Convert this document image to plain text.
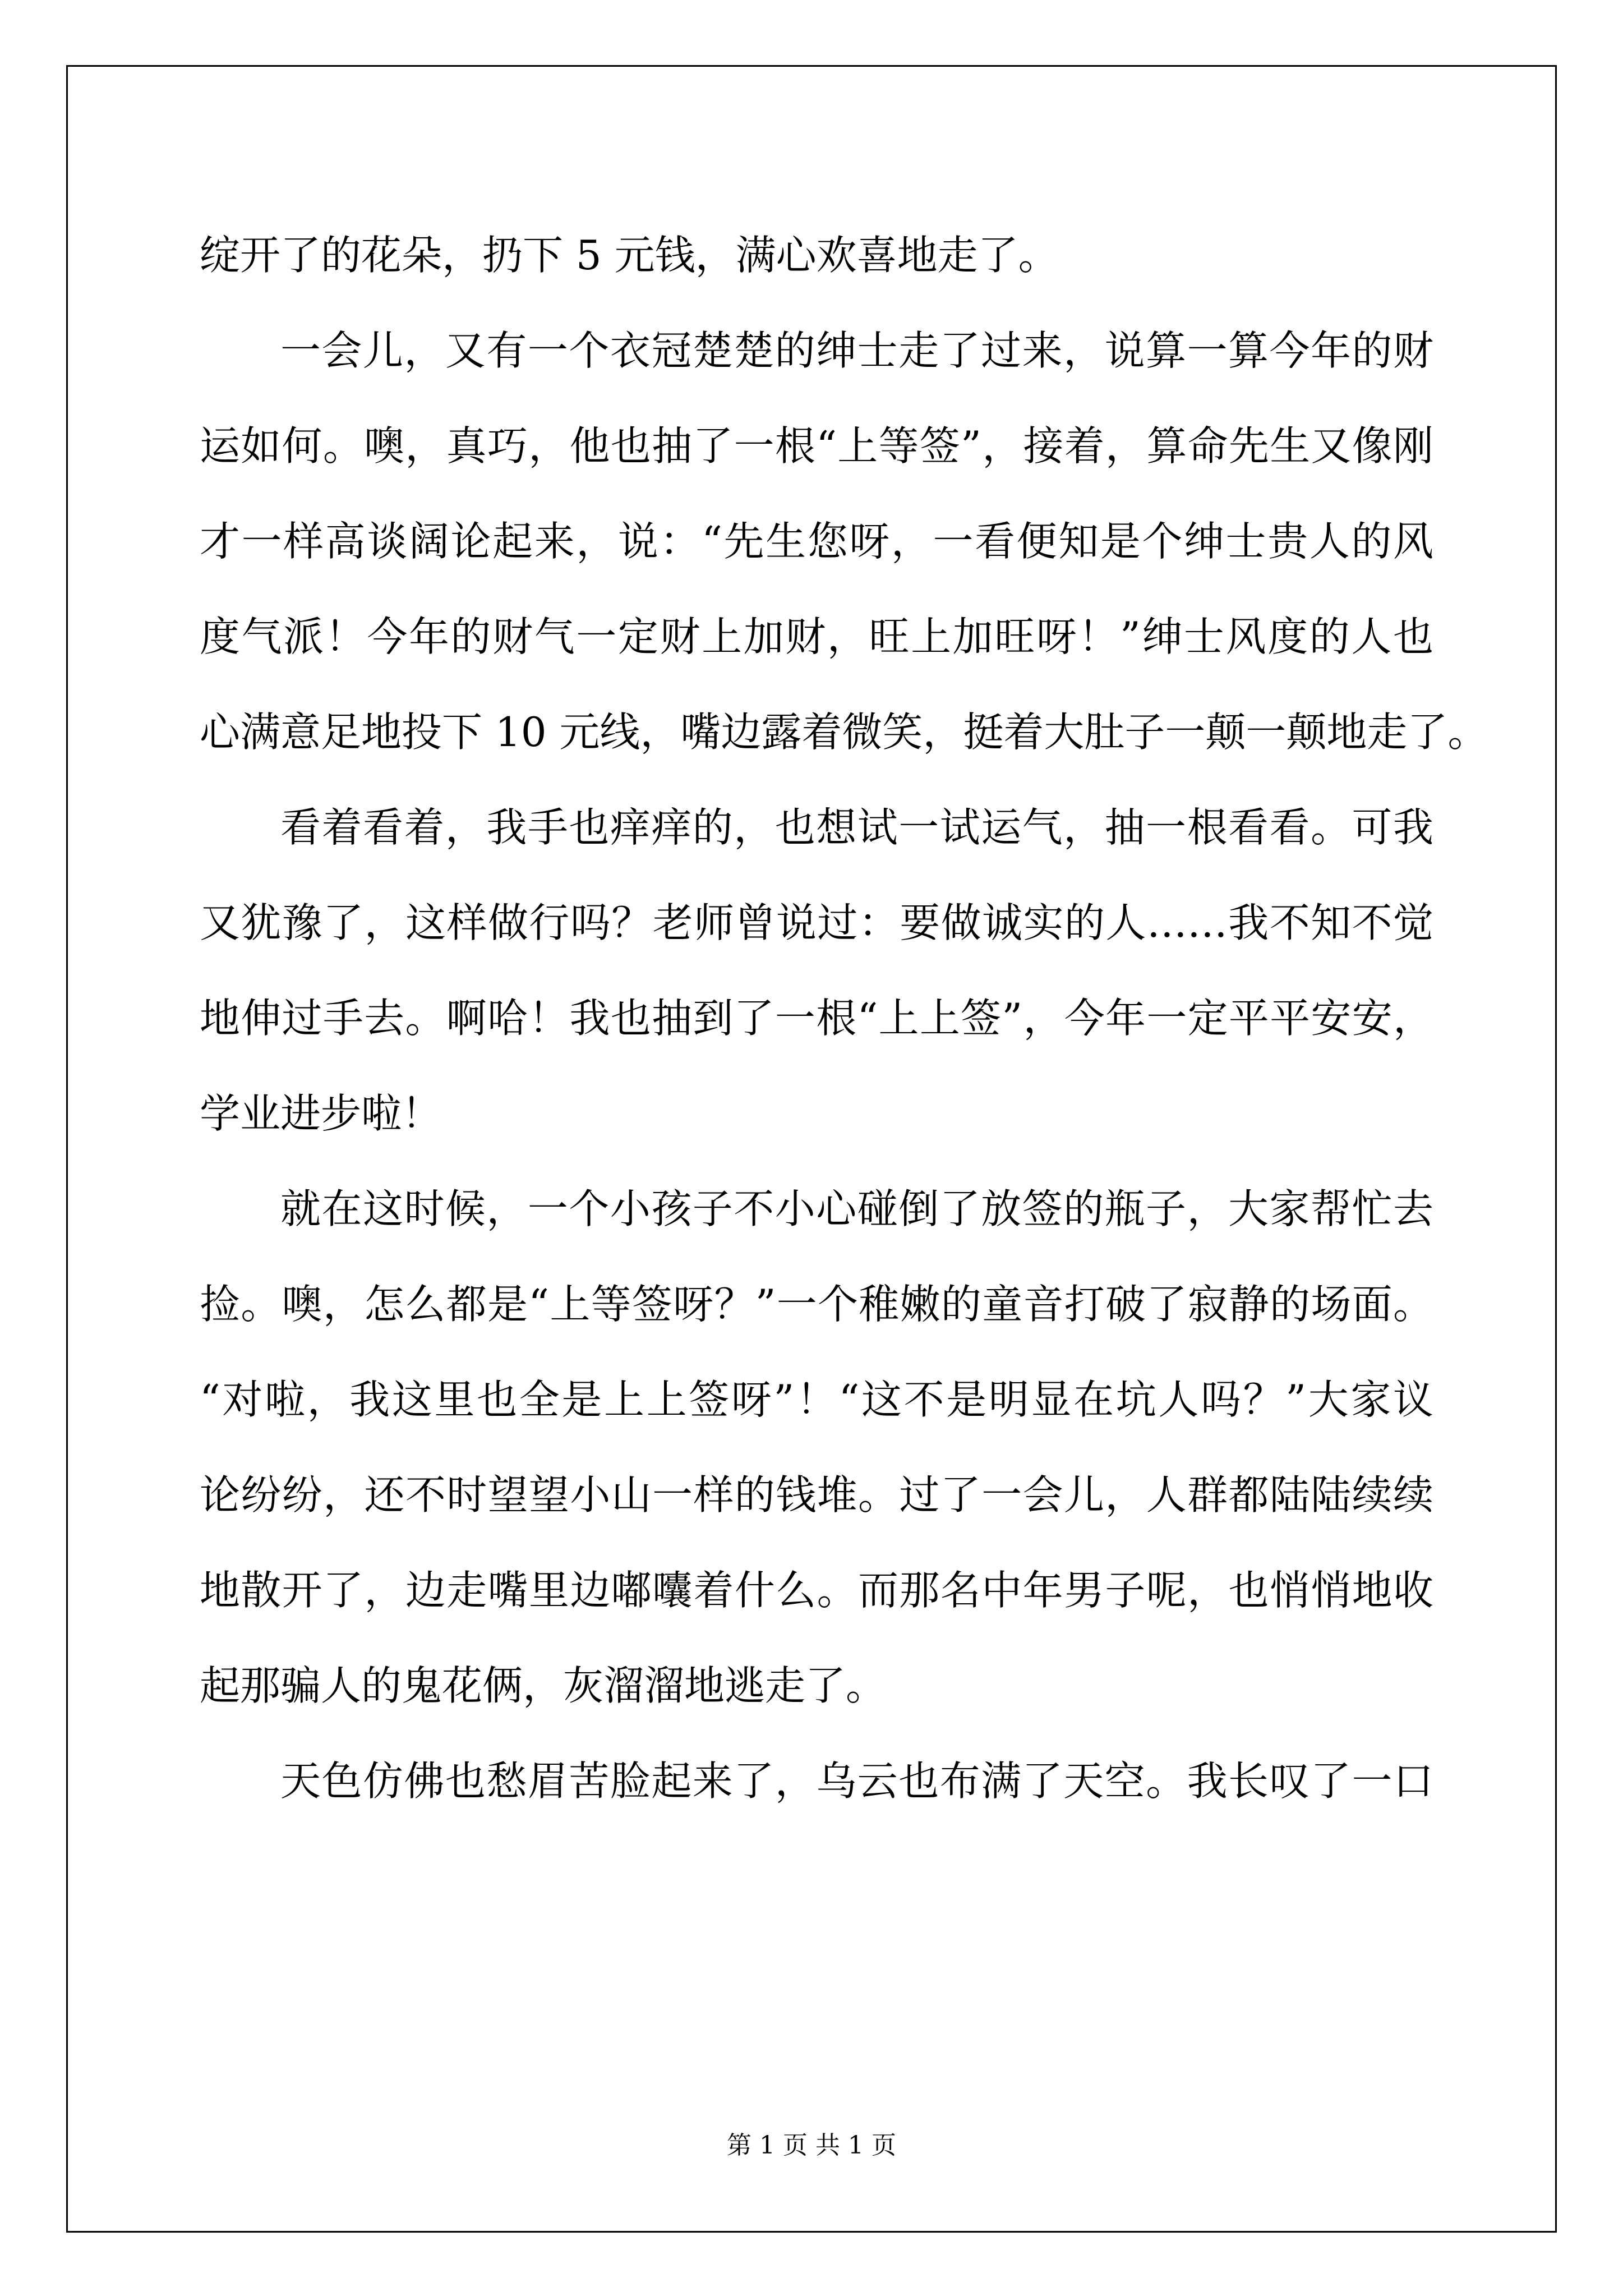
绽开了的花朵，扔下 5 元钱，满心欢喜地走了。
一会儿，又有一个衣冠楚楚的绅士走了过来，说算一算今年的财
运如何。噢，真巧，他也抽了一根“上等签”，接着，算命先生又像刚
才一样高谈阔论起来，说：“先生您呀，一看便知是个绅士贵人的风
度气派！今年的财气一定财上加财，旺上加旺呀！”绅士风度的人也
心满意足地投下 10 元线，嘴边露着微笑，挺着大肚子一颠一颠地走了。
看着看着，我手也痒痒的，也想试一试运气，抽一根看看。可我
又犹豫了，这样做行吗？老师曾说过：要做诚实的人……我不知不觉
地伸过手去。啊哈！我也抽到了一根“上上签”，今年一定平平安安，
学业进步啦！
就在这时候，一个小孩子不小心碰倒了放签的瓶子，大家帮忙去
捡。噢，怎么都是“上等签呀？”一个稚嫩的童音打破了寂静的场面。
“对啦，我这里也全是上上签呀”！“这不是明显在坑人吗？”大家议
论纷纷，还不时望望小山一样的钱堆。过了一会儿，人群都陆陆续续
地散开了，边走嘴里边嘟囔着什么。而那名中年男子呢，也悄悄地收
起那骗人的鬼花俩，灰溜溜地逃走了。
天色仿佛也愁眉苦脸起来了，乌云也布满了天空。我长叹了一口
第 1 页 共 1 页
